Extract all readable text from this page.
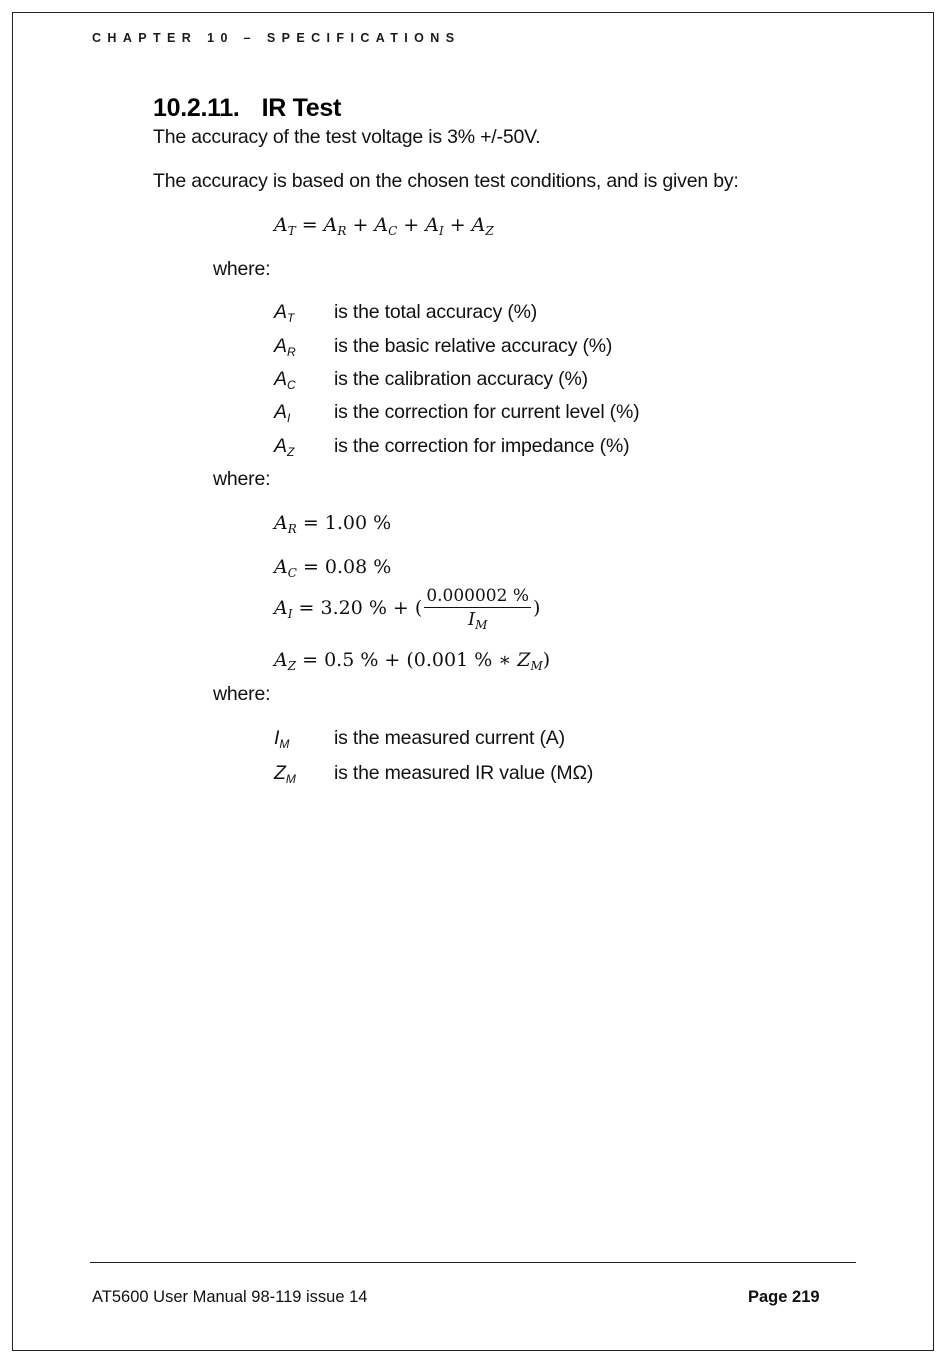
CHAPTER 10 – SPECIFICATIONS
10.2.11. IR Test
The accuracy of the test voltage is 3% +/-50V.
The accuracy is based on the chosen test conditions, and is given by:
$A_T = A_R + A_C + A_I + A_Z$
where:
$A_T$ is the total accuracy (%)
$A_R$ is the basic relative accuracy (%)
$A_C$ is the calibration accuracy (%)
$A_I$ is the correction for current level (%)
$A_Z$ is the correction for impedance (%)
where:
$A_R = 1.00$ %
$A_C = 0.08$ %
$A_I = 3.20$ % + ( $\frac{0.000002 \%}{I_M}$ )
$A_Z = 0.5$ % + (0.001 % ∗ $Z_M$)
where:
$I_M$ is the measured current (A)
$Z_M$ is the measured IR value (MΩ)
AT5600 User Manual 98-119 issue 14	Page 219
